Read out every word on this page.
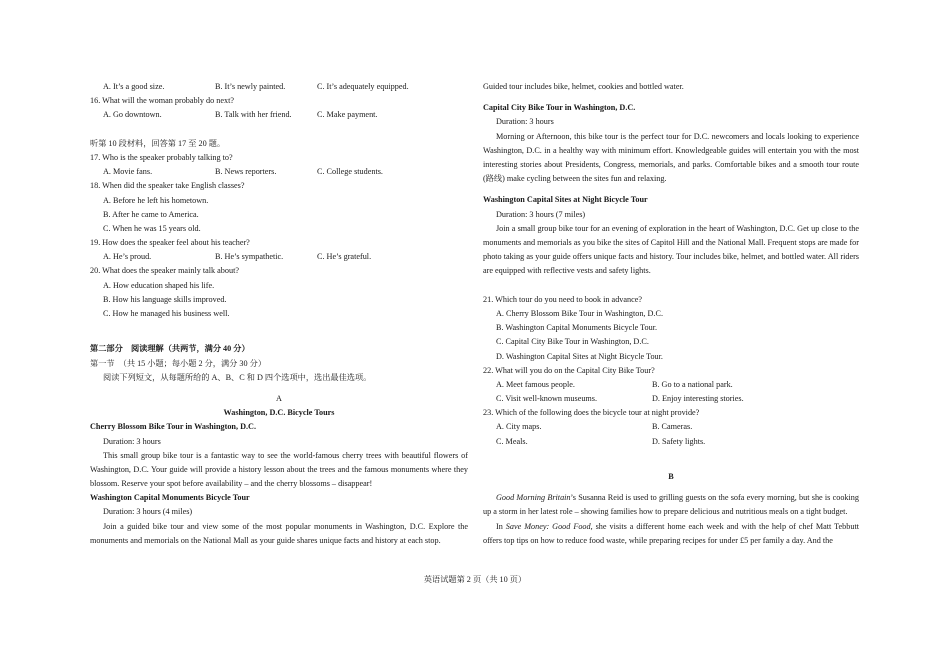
A. It’s a good size.	B. It’s newly painted.	C. It’s adequately equipped.
16. What will the woman probably do next?
A. Go downtown.	B. Talk with her friend.	C. Make payment.
听第 10 段材料，回答第 17 至 20 题。
17. Who is the speaker probably talking to?
A. Movie fans.	B. News reporters.	C. College students.
18. When did the speaker take English classes?
A. Before he left his hometown.
B. After he came to America.
C. When he was 15 years old.
19. How does the speaker feel about his teacher?
A. He’s proud.	B. He’s sympathetic.	C. He’s grateful.
20. What does the speaker mainly talk about?
A. How education shaped his life.
B. How his language skills improved.
C. How he managed his business well.
第二部分　阅读理解（共两节，满分 40 分）
第一节　（共 15 小题；每小题 2 分，满分 30 分）
阅读下列短文，从每题所给的 A、B、C 和 D 四个选项中，选出最佳选项。
A
Washington, D.C. Bicycle Tours
Cherry Blossom Bike Tour in Washington, D.C.
Duration: 3 hours
This small group bike tour is a fantastic way to see the world-famous cherry trees with beautiful flowers of Washington, D.C. Your guide will provide a history lesson about the trees and the famous monuments where they blossom. Reserve your spot before availability – and the cherry blossoms – disappear!
Washington Capital Monuments Bicycle Tour
Duration: 3 hours (4 miles)
Join a guided bike tour and view some of the most popular monuments in Washington, D.C. Explore the monuments and memorials on the National Mall as your guide shares unique facts and history at each stop.
Guided tour includes bike, helmet, cookies and bottled water.
Capital City Bike Tour in Washington, D.C.
Duration: 3 hours
Morning or Afternoon, this bike tour is the perfect tour for D.C. newcomers and locals looking to experience Washington, D.C. in a healthy way with minimum effort. Knowledgeable guides will entertain you with the most interesting stories about Presidents, Congress, memorials, and parks. Comfortable bikes and a smooth tour route (路线) make cycling between the sites fun and relaxing.
Washington Capital Sites at Night Bicycle Tour
Duration: 3 hours (7 miles)
Join a small group bike tour for an evening of exploration in the heart of Washington, D.C. Get up close to the monuments and memorials as you bike the sites of Capitol Hill and the National Mall. Frequent stops are made for photo taking as your guide offers unique facts and history. Tour includes bike, helmet, and bottled water. All riders are equipped with reflective vests and safety lights.
21. Which tour do you need to book in advance?
A. Cherry Blossom Bike Tour in Washington, D.C.
B. Washington Capital Monuments Bicycle Tour.
C. Capital City Bike Tour in Washington, D.C.
D. Washington Capital Sites at Night Bicycle Tour.
22. What will you do on the Capital City Bike Tour?
A. Meet famous people.	B. Go to a national park.
C. Visit well-known museums.	D. Enjoy interesting stories.
23. Which of the following does the bicycle tour at night provide?
A. City maps.	B. Cameras.
C. Meals.	D. Safety lights.
B
Good Morning Britain’s Susanna Reid is used to grilling guests on the sofa every morning, but she is cooking up a storm in her latest role – showing families how to prepare delicious and nutritious meals on a tight budget.
In Save Money: Good Food, she visits a different home each week and with the help of chef Matt Tebbutt offers top tips on how to reduce food waste, while preparing recipes for under £5 per family a day. And the
英语试题第 2 页（共 10 页）
